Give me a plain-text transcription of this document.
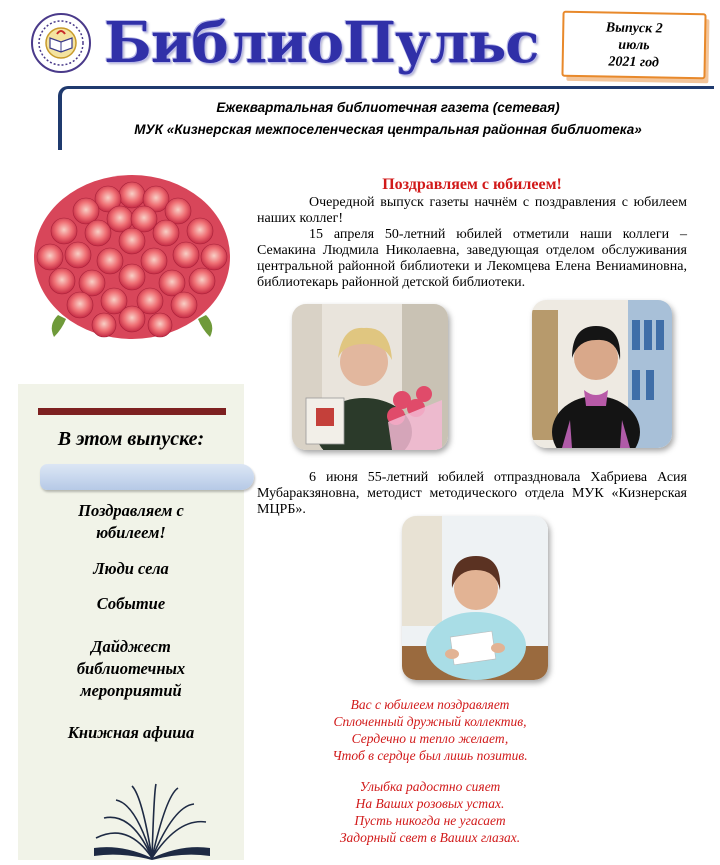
БиблиоПульс	Выпуск 2
июль
2021 год
Ежеквартальная библиотечная газета (сетевая)
МУК «Кизнерская межпоселенческая центральная районная библиотека»
В этом выпуске:
Поздравляем с
юбилеем!
Люди села
Событие
Дайджест
библиотечных
мероприятий
Книжная афиша
Поздравляем с юбилеем!

Очередной выпуск газеты начнём с поздравления с юбилеем наших коллег!

15 апреля 50-летний юбилей отметили наши коллеги – Семакина Людмила Николаевна, заведующая отделом обслуживания центральной районной библиотеки и Лекомцева Елена Вениаминовна, библиотекарь районной детской библиотеки.

6 июня 55-летний юбилей отпраздновала Хабриева Асия Мубаракзяновна, методист методического отдела МУК «Кизнерская МЦРБ».

Вас с юбилеем поздравляет
Сплоченный дружный коллектив,
Сердечно и тепло желает,
Чтоб в сердце был лишь позитив.
Улыбка радостно сияет
На Ваших розовых устах.
Пусть никогда не угасает
Задорный свет в Ваших глазах.
